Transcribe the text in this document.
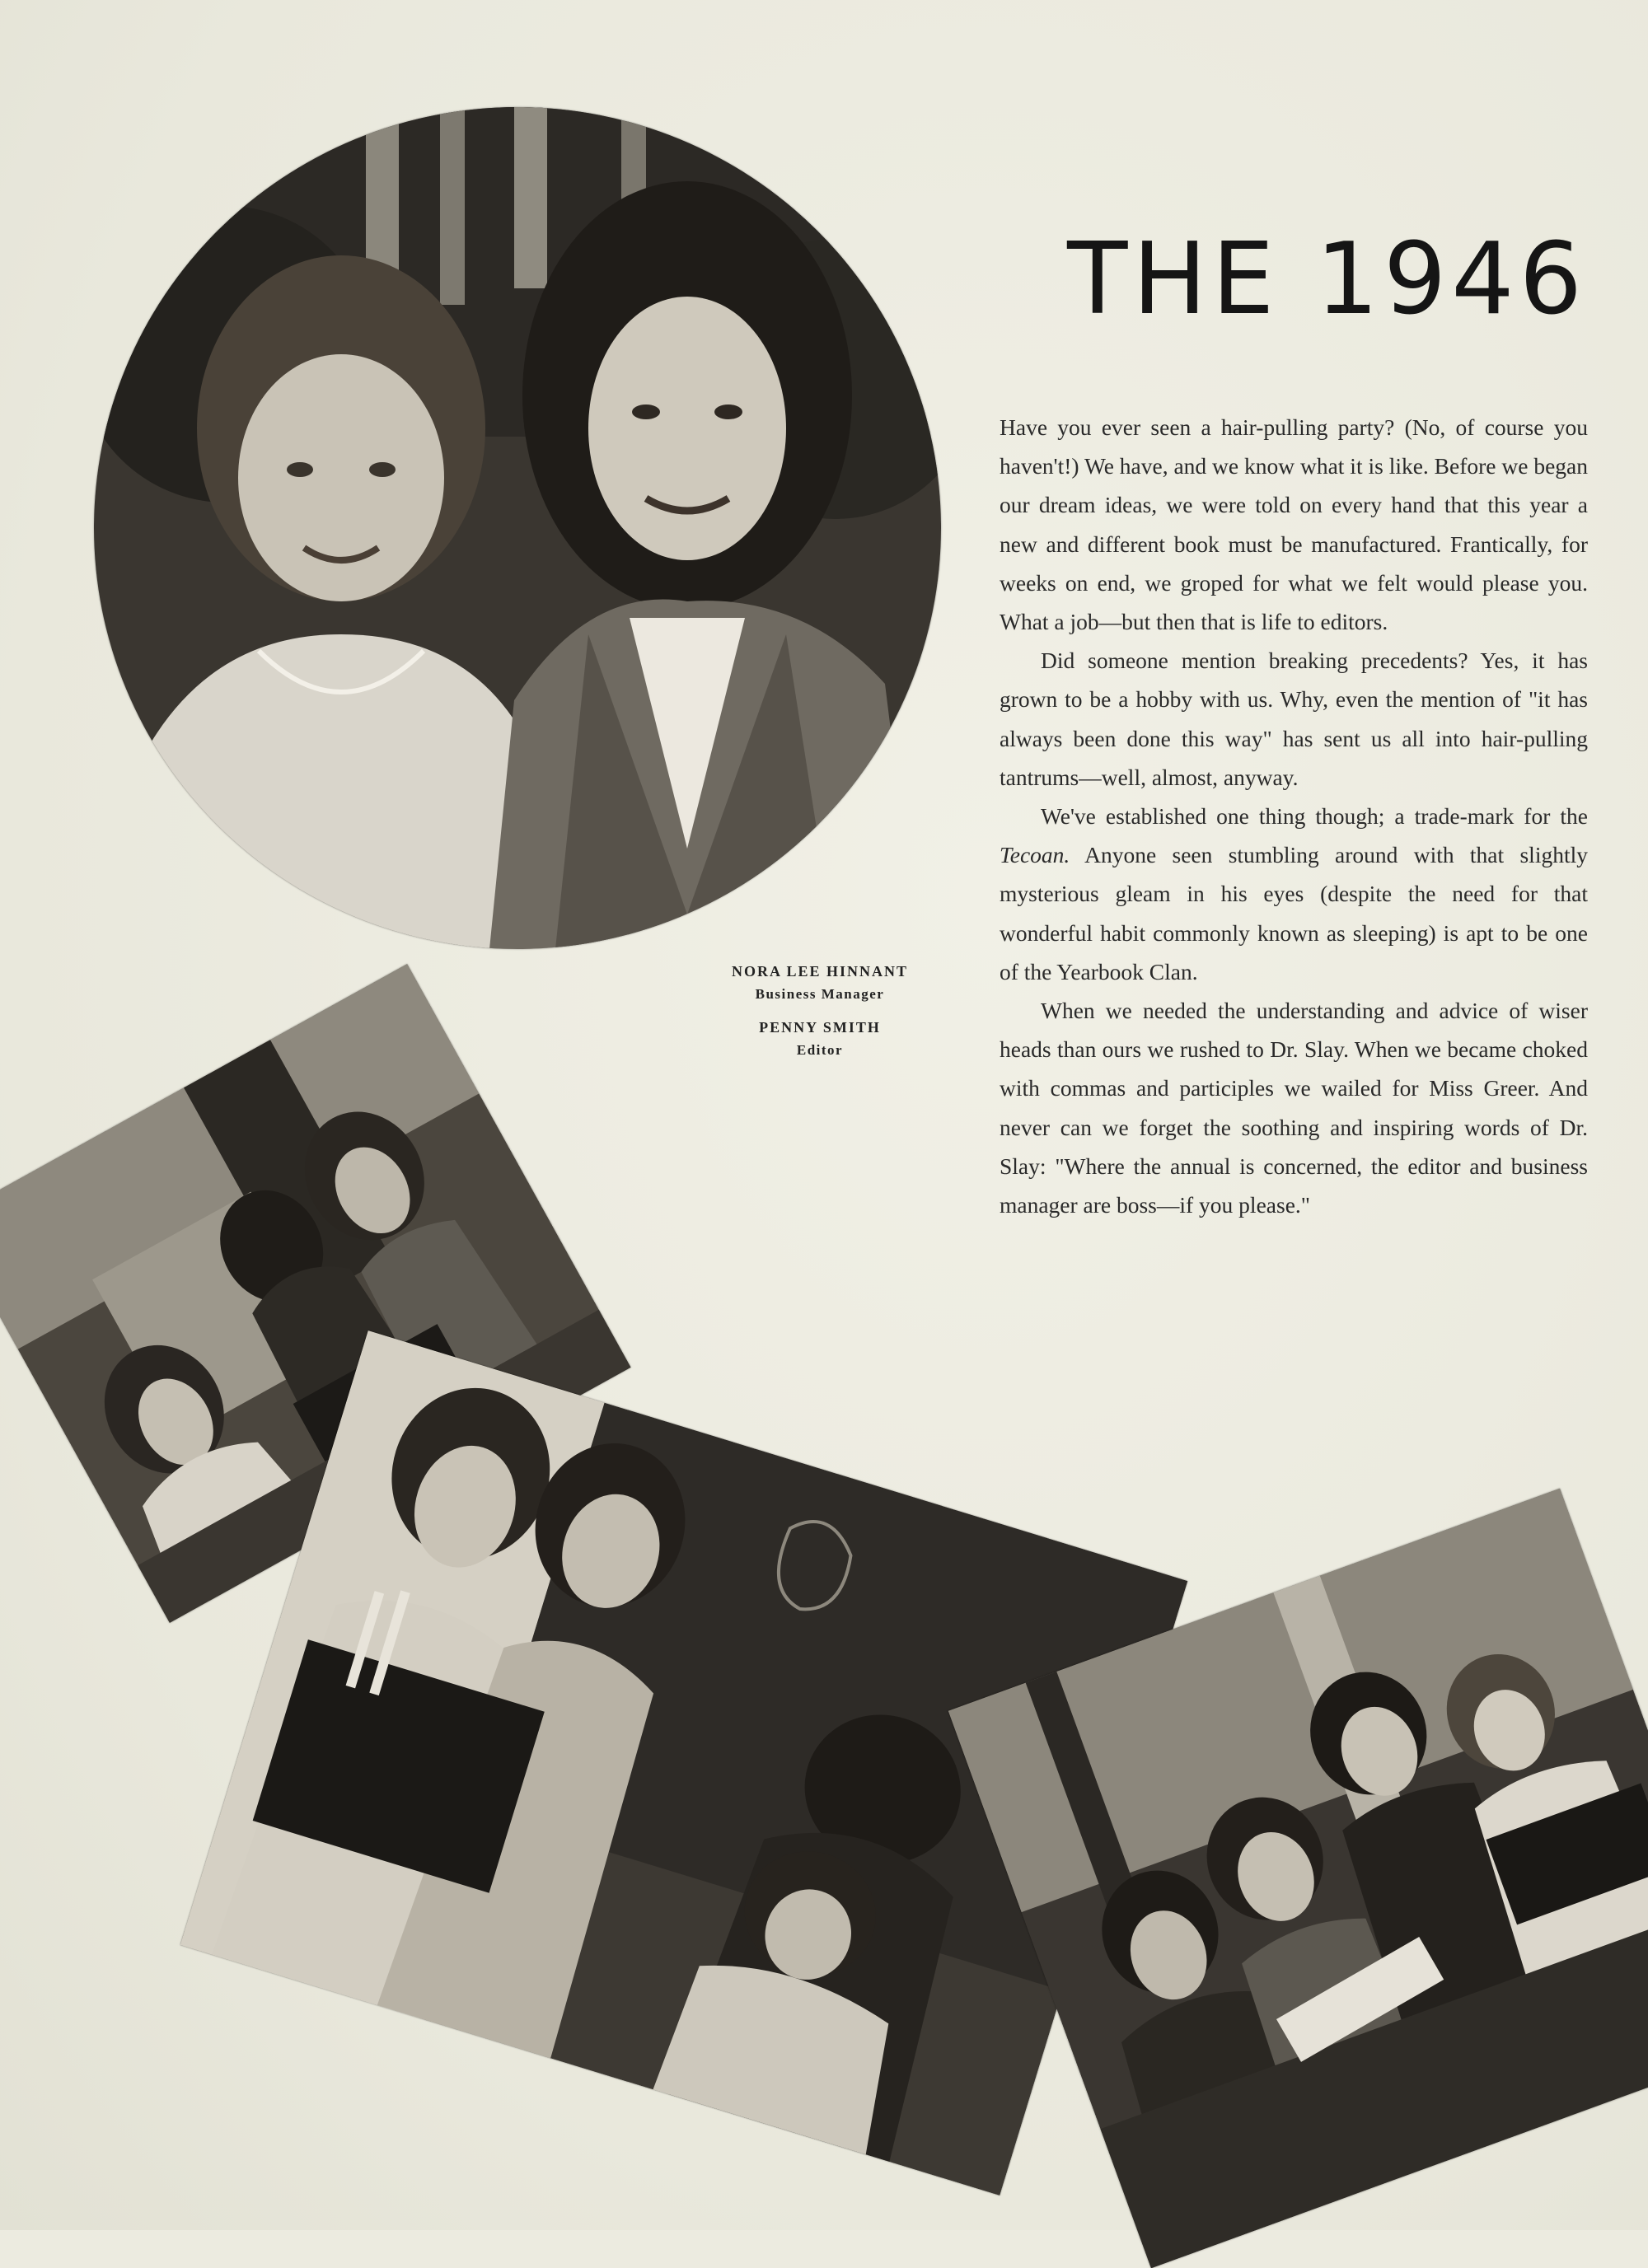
THE 1946
NORA LEE HINNANT
Business Manager
PENNY SMITH
Editor

Have you ever seen a hair-pulling party? (No, of course you haven't!) We have, and we know what it is like. Before we began our dream ideas, we were told on every hand that this year a new and different book must be manufactured. Frantically, for weeks on end, we groped for what we felt would please you. What a job—but then that is life to editors.

Did someone mention breaking precedents? Yes, it has grown to be a hobby with us. Why, even the mention of "it has always been done this way" has sent us all into hair-pulling tantrums—well, almost, anyway.

We've established one thing though; a trade-mark for the Tecoan. Anyone seen stumbling around with that slightly mysterious gleam in his eyes (despite the need for that wonderful habit commonly known as sleeping) is apt to be one of the Yearbook Clan.

When we needed the understanding and advice of wiser heads than ours we rushed to Dr. Slay. When we became choked with commas and participles we wailed for Miss Greer. And never can we forget the soothing and inspiring words of Dr. Slay: "Where the annual is concerned, the editor and business manager are boss—if you please."
